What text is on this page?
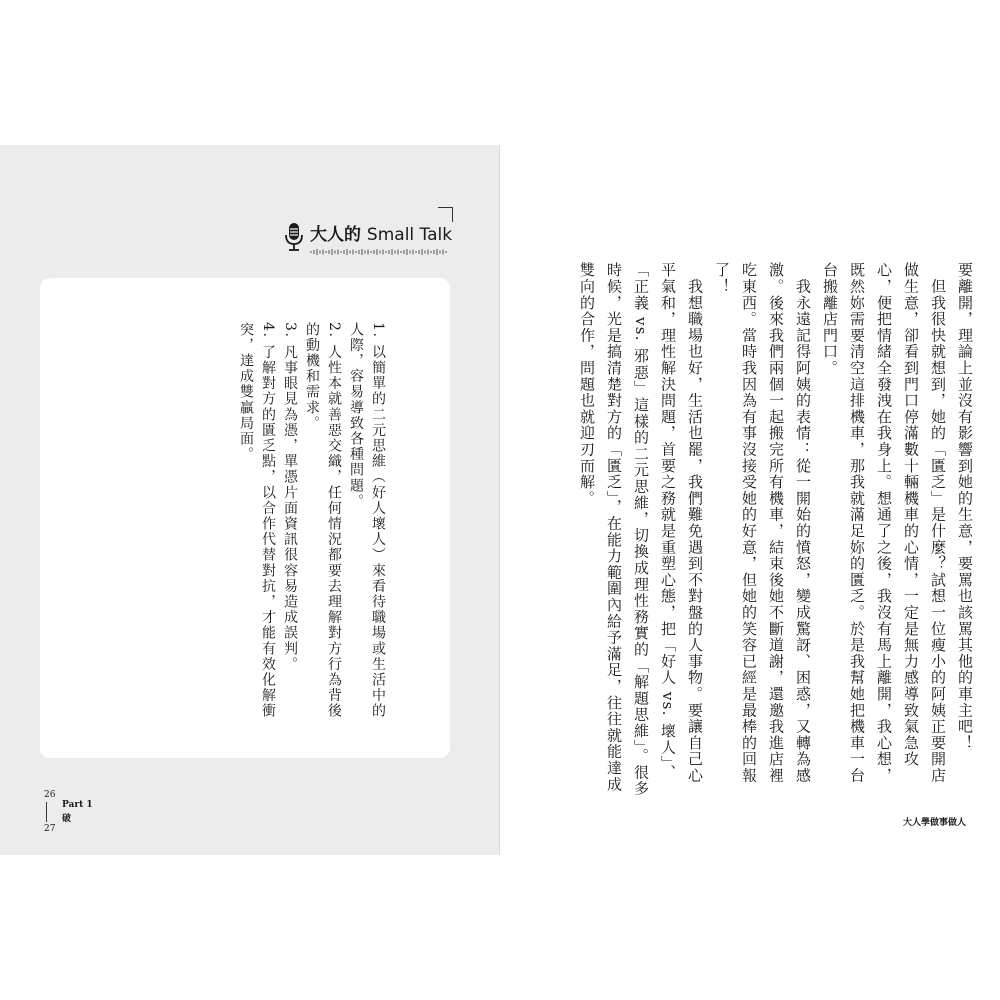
大人的 Small Talk
1. 以簡單的二元思維（好人壞人）來看待職場或生活中的人際，容易導致各種問題。
2. 人性本就善惡交織，任何情況都要去理解對方行為背後的動機和需求。
3. 凡事眼見為憑，單憑片面資訊很容易造成誤判。
4. 了解對方的匱乏點，以合作代替對抗，才能有效化解衝突，達成雙贏局面。	要離開，理論上並沒有影響到她的生意，要罵也該罵其他的車主吧！
　但我很快就想到，她的「匱乏」是什麼？試想一位瘦小的阿姨正要開店做生意，卻看到門口停滿數十輛機車的心情，一定是無力感導致氣急攻心，便把情緒全發洩在我身上。想通了之後，我沒有馬上離開，我心想，既然妳需要清空這排機車，那我就滿足妳的匱乏。於是我幫她把機車一台台搬離店門口。
　我永遠記得阿姨的表情：從一開始的憤怒，變成驚訝、困惑，又轉為感激。後來我們兩個一起搬完所有機車，結束後她不斷道謝，還邀我進店裡吃東西。當時我因為有事沒接受她的好意，但她的笑容已經是最棒的回報了！
　我想職場也好，生活也罷，我們難免遇到不對盤的人事物。要讓自己心平氣和，理性解決問題，首要之務就是重塑心態，把「好人 vs. 壞人」、「正義 vs. 邪惡」這樣的二元思維，切換成理性務實的「解題思維」。很多時候，光是搞清楚對方的「匱乏」，在能力範圍內給予滿足，往往就能達成雙向的合作，問題也就迎刃而解。
26
27
Part 1
破	大人學做事做人
